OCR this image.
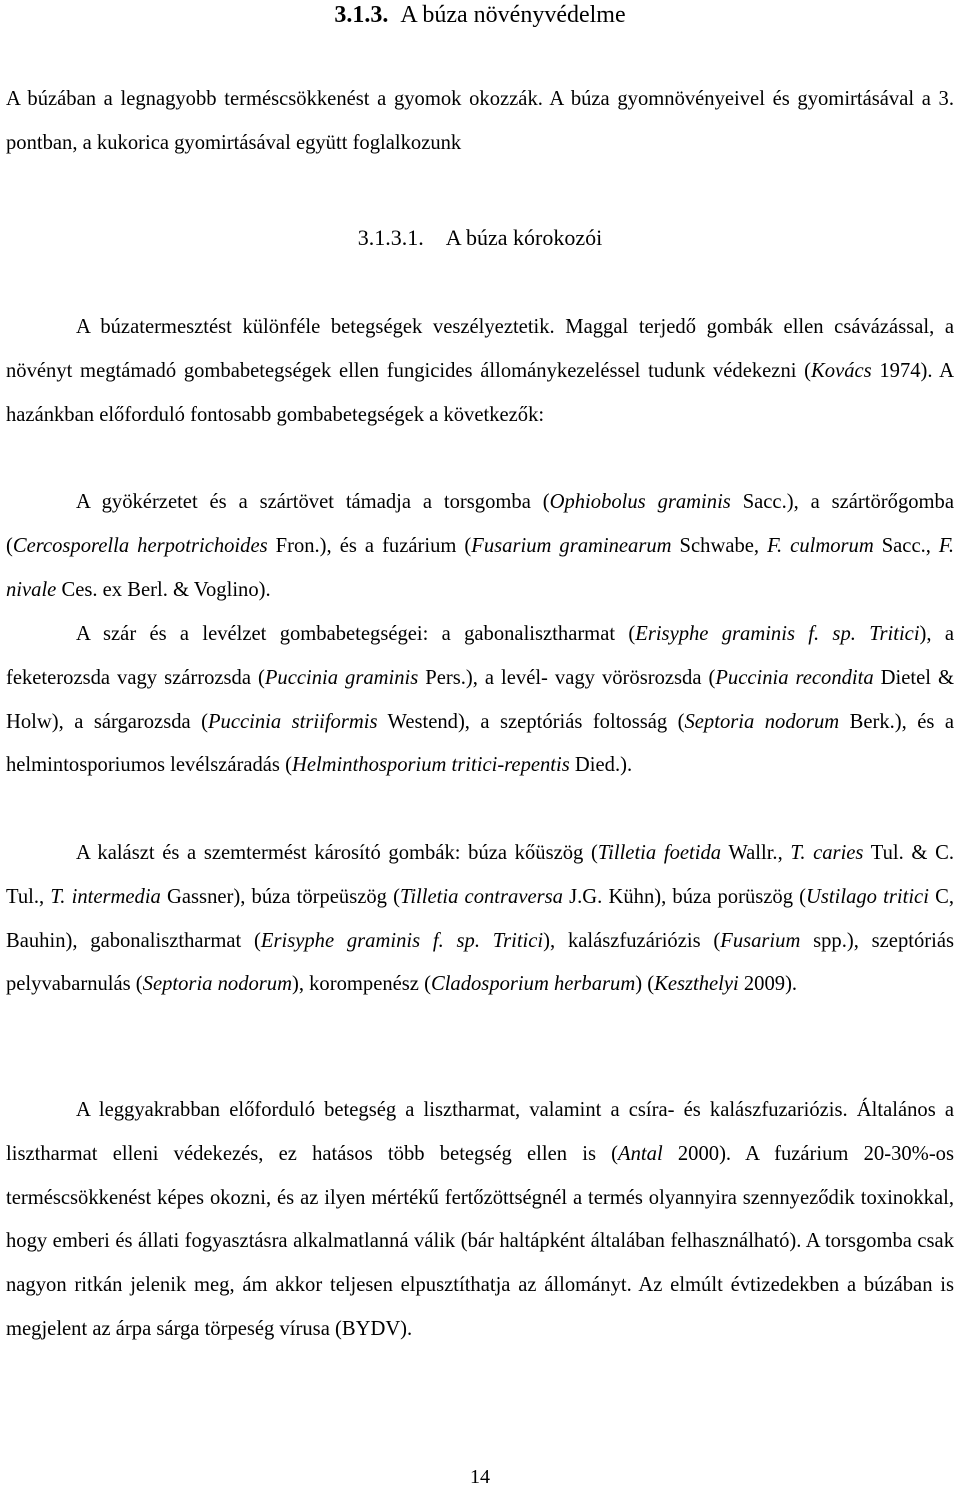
3.1.3. A búza növényvédelme

A búzában a legnagyobb terméscsökkenést a gyomok okozzák. A búza gyomnövényeivel és gyomirtásával a 3. pontban, a kukorica gyomirtásával együtt foglalkozunk

3.1.3.1. A búza kórokozói

A búzatermesztést különféle betegségek veszélyeztetik. Maggal terjedő gombák ellen csávázással, a növényt megtámadó gombabetegségek ellen fungicides állománykezeléssel tudunk védekezni (Kovács 1974). A hazánkban előforduló fontosabb gombabetegségek a következők:

A gyökérzetet és a szártövet támadja a torsgomba (Ophiobolus graminis Sacc.), a szártörőgomba (Cercosporella herpotrichoides Fron.), és a fuzárium (Fusarium graminearum Schwabe, F. culmorum Sacc., F. nivale Ces. ex Berl. & Voglino).

A szár és a levélzet gombabetegségei: a gabonalisztharmat (Erisyphe graminis f. sp. Tritici), a feketerozsda vagy szárrozsda (Puccinia graminis Pers.), a levél- vagy vörösrozsda (Puccinia recondita Dietel & Holw), a sárgarozsda (Puccinia striiformis Westend), a szeptóriás foltosság (Septoria nodorum Berk.), és a helmintosporiumos levélszáradás (Helminthosporium tritici-repentis Died.).

A kalászt és a szemtermést károsító gombák: búza kőüszög (Tilletia foetida Wallr., T. caries Tul. & C. Tul., T. intermedia Gassner), búza törpeüszög (Tilletia contraversa J.G. Kühn), búza porüszög (Ustilago tritici C, Bauhin), gabonalisztharmat (Erisyphe graminis f. sp. Tritici), kalászfuzáriózis (Fusarium spp.), szeptóriás pelyvabarnulás (Septoria nodorum), korompenész (Cladosporium herbarum) (Keszthelyi 2009).

A leggyakrabban előforduló betegség a lisztharmat, valamint a csíra- és kalászfuzariózis. Általános a lisztharmat elleni védekezés, ez hatásos több betegség ellen is (Antal 2000). A fuzárium 20-30%-os terméscsökkenést képes okozni, és az ilyen mértékű fertőzöttségnél a termés olyannyira szennyeződik toxinokkal, hogy emberi és állati fogyasztásra alkalmatlanná válik (bár haltápként általában felhasználható). A torsgomba csak nagyon ritkán jelenik meg, ám akkor teljesen elpusztíthatja az állományt. Az elmúlt évtizedekben a búzában is megjelent az árpa sárga törpeség vírusa (BYDV).

14
